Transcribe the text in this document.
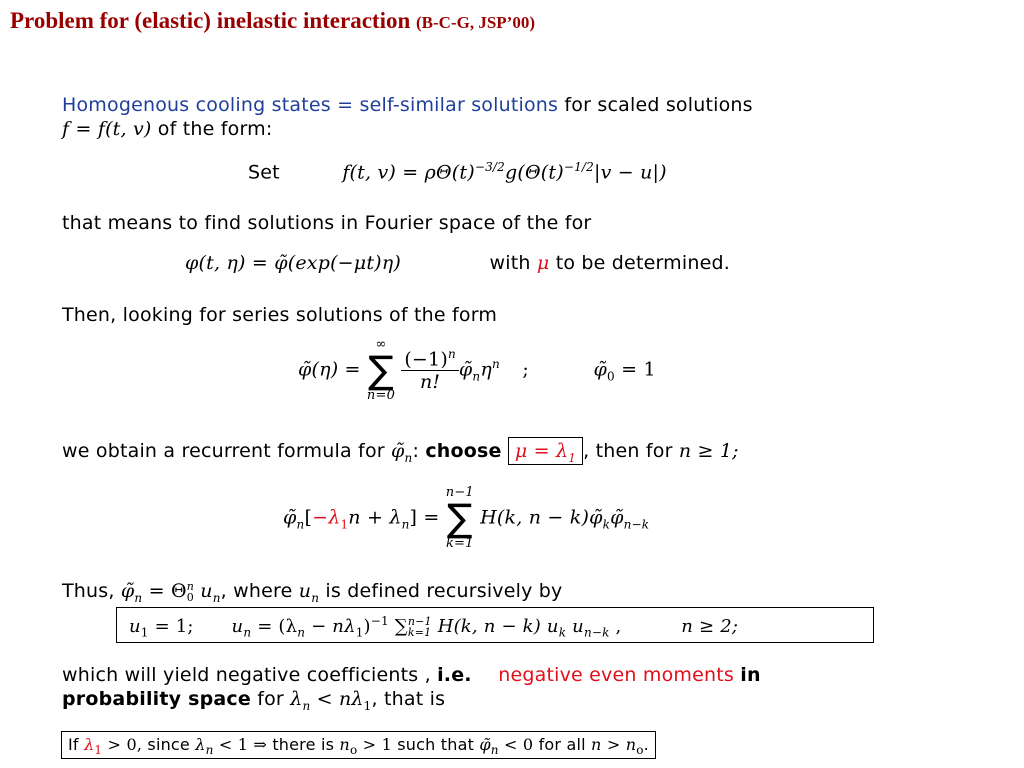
Problem for (elastic) inelastic interaction (B-C-G, JSP’00)
Homogenous cooling states = self-similar solutions for scaled solutions
f = f(t, v) of the form:
Set	f(t, $v) = \rho\Theta(t)^{-3/2}g(\Theta(t)^{-1/2}|v - u|)$
that means to find solutions in Fourier space of the for
φ(t, η) = φ̃(exp(−μt)η)	with μ to be determined.
Then, looking for series solutions of the form
φ̃(η) =
∞
∑
n=0

$\frac{(-1)^n}{n!}$ $\varphĩ_n\eta^n$ ;	$\varphĩ_0 = 1$
we obtain a recurrent formula for $\varphĩ_n$: choose $\mu = \lambda_1$ , then for n ≥ 1;
$\varphĩ_n[-\lambda_1n + \lambda_n]$ =
n−1
∑
k=1
H(k, $n - k)\varphĩ_k\varphĩ_{n-k}$
Thus, $\varphĩ_n = \Theta$ n
0 $u_n$, where $u_n$ is defined recursively by
$u_1 = 1$; $u_n = (\lambda_n - n\lambda_1)^{-1}$ ∑ n−1
k=1 H(k, n − k) $u_k$ $u_{n-k}$ ,	n ≥ 2;
which will yield negative coefficients , i.e. negative even moments in
probability space for $\lambda_n < n\lambda_1$, that is
If $\lambda_1 > 0$, since $\lambda_n < 1$ ⇒ there is $n_o > 1$ such that $\varphĩ_n < 0$ for all $n > n_o$.
